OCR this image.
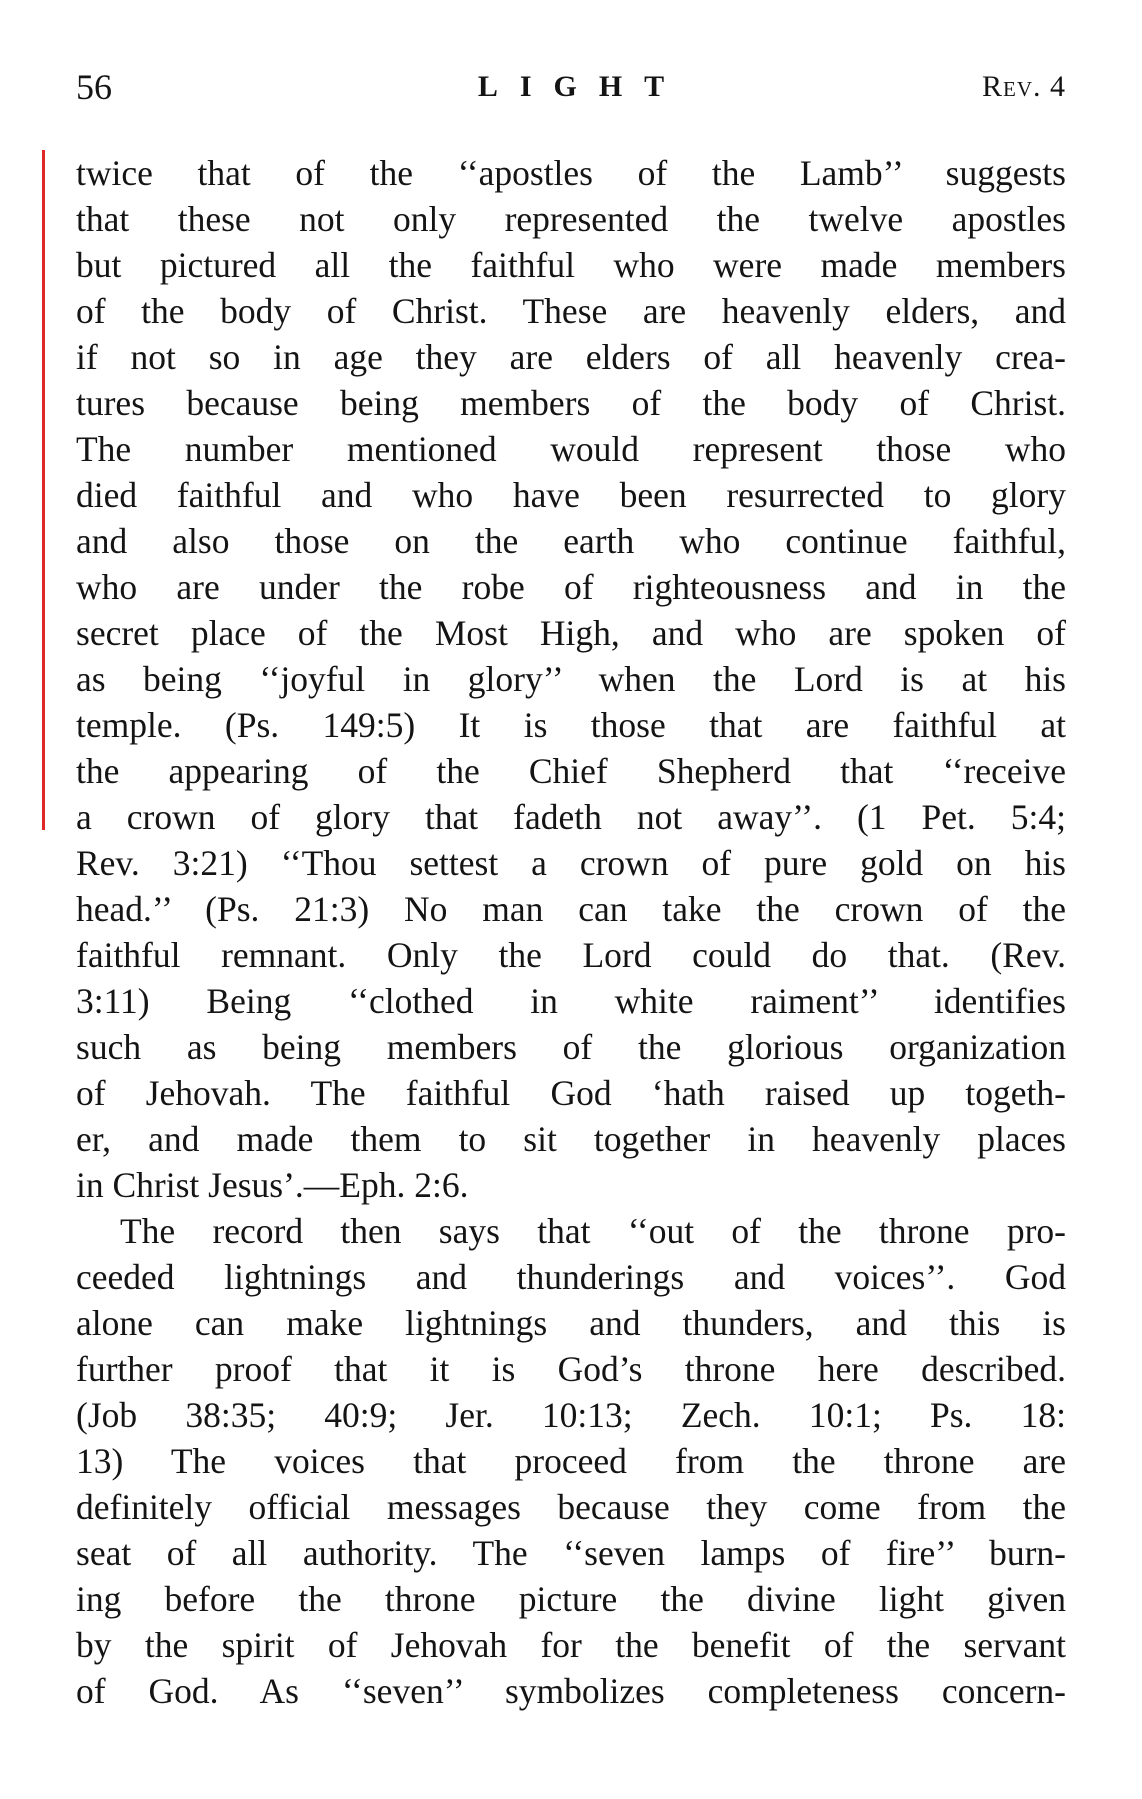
56	LIGHT	Rev. 4
twice that of the ‘‘apostles of the Lamb’’ suggests
that these not only represented the twelve apostles
but pictured all the faithful who were made members
of the body of Christ. These are heavenly elders, and
if not so in age they are elders of all heavenly crea-
tures because being members of the body of Christ.
The number mentioned would represent those who
died faithful and who have been resurrected to glory
and also those on the earth who continue faithful,
who are under the robe of righteousness and in the
secret place of the Most High, and who are spoken of
as being ‘‘joyful in glory’’ when the Lord is at his
temple. (Ps. 149:5) It is those that are faithful at
the appearing of the Chief Shepherd that ‘‘receive
a crown of glory that fadeth not away’’. (1 Pet. 5:4;
Rev. 3:21) ‘‘Thou settest a crown of pure gold on his
head.’’ (Ps. 21:3) No man can take the crown of the
faithful remnant. Only the Lord could do that. (Rev.
3:11) Being ‘‘clothed in white raiment’’ identifies
such as being members of the glorious organization
of Jehovah. The faithful God ‘hath raised up togeth-
er, and made them to sit together in heavenly places
in Christ Jesus’.—Eph. 2:6.
The record then says that ‘‘out of the throne pro-
ceeded lightnings and thunderings and voices’’. God
alone can make lightnings and thunders, and this is
further proof that it is God’s throne here described.
(Job 38:35; 40:9; Jer. 10:13; Zech. 10:1; Ps. 18:
13) The voices that proceed from the throne are
definitely official messages because they come from the
seat of all authority. The ‘‘seven lamps of fire’’ burn-
ing before the throne picture the divine light given
by the spirit of Jehovah for the benefit of the servant
of God. As ‘‘seven’’ symbolizes completeness concern-
